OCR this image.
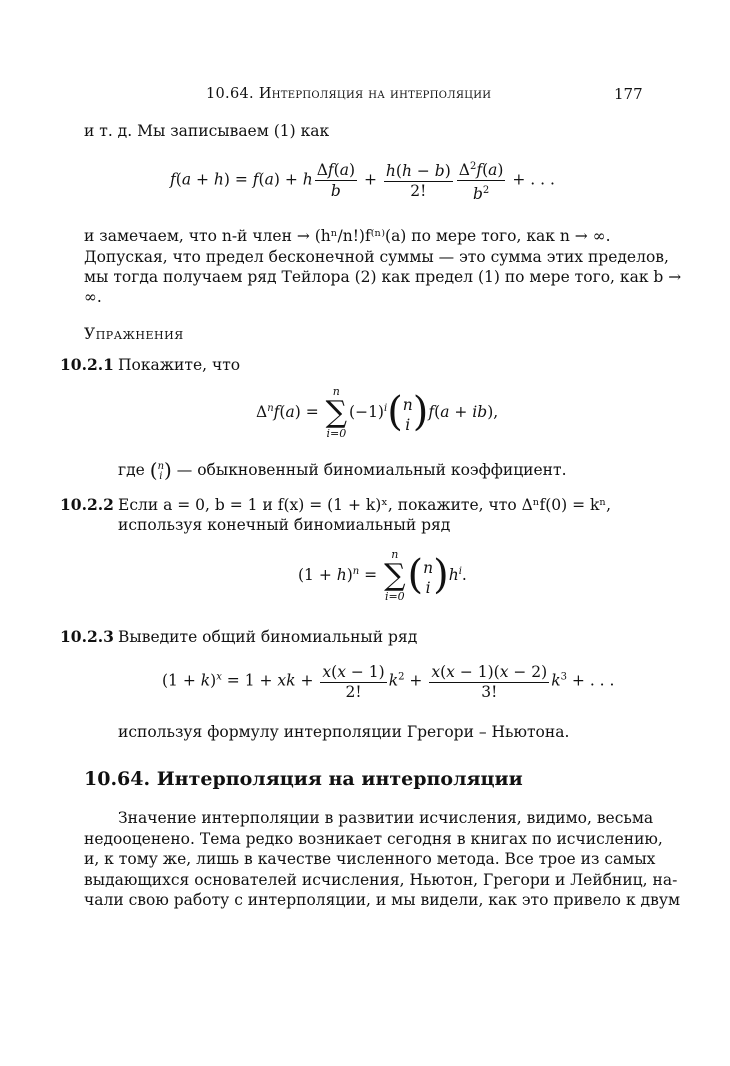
10.64. Интерполяция на интерполяции	177
и т. д. Мы записываем (1) как
f(a + h) = f(a) + h $\frac{\Delta f(a)}{b} + h(h - b)$
2! $\frac{\Delta^2f(a)}{b^2}$ + . . .
и замечаем, что n-й член → (hⁿ/n!)f⁽ⁿ⁾(a) по мере того, как n → ∞.
Допуская, что предел бесконечной суммы — это сумма этих пределов,
мы тогда получаем ряд Тейлора (2) как предел (1) по мере того, как b →
∞.
Упражнения
10.2.1 Покажите, что
$\Delta^nf(a)$ =
n
∑
i=0
$(-1)^i$( n
i )f(a + ib),
где ( n
i ) — обыкновенный биномиальный коэффициент.
10.2.2 Если a = 0, b = 1 и f(x) = (1 + k)ˣ, покажите, что Δⁿf(0) = kⁿ,
используя конечный биномиальный ряд
$(1 + h)^n$ =
n
∑
i=0 ( n
i )$h^i$.
10.2.3 Выведите общий биномиальный ряд
$(1 + k)^x = 1$ + xk + x(x − 1)
$2!k^2 + x(x - 1)(x - 2)$
$3!k^3$ + . . .
используя формулу интерполяции Грегори – Ньютона.
10.64. Интерполяция на интерполяции
Значение интерполяции в развитии исчисления, видимо, весьма
недооценено. Тема редко возникает сегодня в книгах по исчислению,
и, к тому же, лишь в качестве численного метода. Все трое из самых
выдающихся основателей исчисления, Ньютон, Грегори и Лейбниц, на-
чали свою работу с интерполяции, и мы видели, как это привело к двум
